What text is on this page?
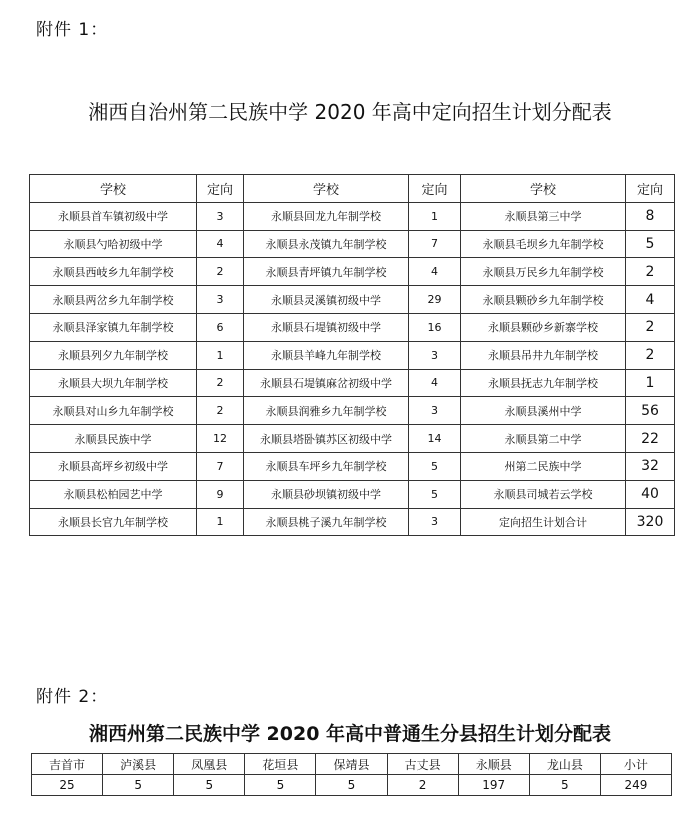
附件 1：
湘西自治州第二民族中学 2020 年高中定向招生计划分配表
学校	定向	学校	定向	学校	定向
永顺县首车镇初级中学	3	永顺县回龙九年制学校	1	永顺县第三中学	8
永顺县勺哈初级中学	4	永顺县永茂镇九年制学校	7	永顺县毛坝乡九年制学校	5
永顺县西岐乡九年制学校	2	永顺县青坪镇九年制学校	4	永顺县万民乡九年制学校	2
永顺县两岔乡九年制学校	3	永顺县灵溪镇初级中学	29	永顺县颗砂乡九年制学校	4
永顺县泽家镇九年制学校	6	永顺县石堤镇初级中学	16	永顺县颗砂乡新寨学校	2
永顺县列夕九年制学校	1	永顺县羊峰九年制学校	3	永顺县吊井九年制学校	2
永顺县大坝九年制学校	2	永顺县石堤镇麻岔初级中学	4	永顺县抚志九年制学校	1
永顺县对山乡九年制学校	2	永顺县润雅乡九年制学校	3	永顺县溪州中学	56
永顺县民族中学	12	永顺县塔卧镇苏区初级中学	14	永顺县第二中学	22
永顺县高坪乡初级中学	7	永顺县车坪乡九年制学校	5	州第二民族中学	32
永顺县松柏园艺中学	9	永顺县砂坝镇初级中学	5	永顺县司城若云学校	40
永顺县长官九年制学校	1	永顺县桃子溪九年制学校	3	定向招生计划合计	320
附件 2：
湘西州第二民族中学 2020 年高中普通生分县招生计划分配表
吉首市	泸溪县	凤凰县	花垣县	保靖县	古丈县	永顺县	龙山县	小计
25	5	5	5	5	2	197	5	249
